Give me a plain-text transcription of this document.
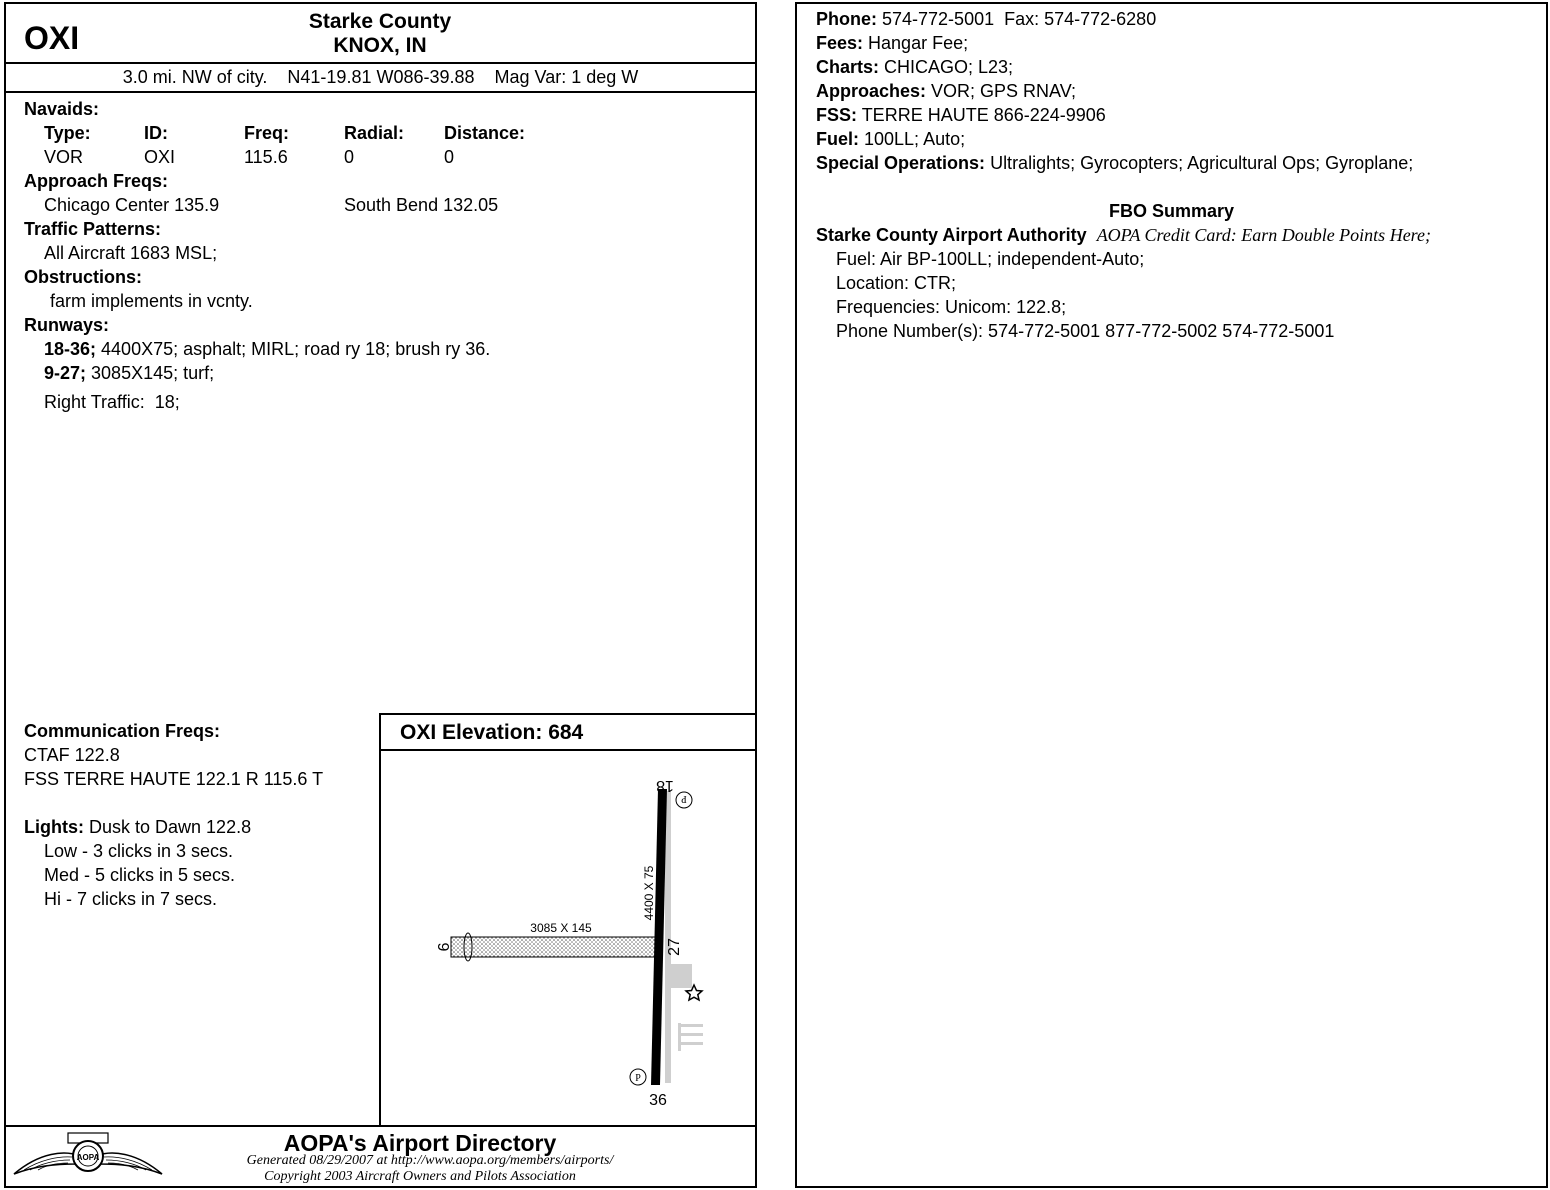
OXI	Starke County
KNOX, IN
3.0 mi. NW of city.    N41-19.81 W086-39.88    Mag Var: 1 deg W
Navaids:
Type:	ID:	Freq:	Radial: Distance:
VOR	OXI	115.6	0	0
Approach Freqs:
Chicago Center 135.9	South Bend 132.05
Traffic Patterns:
All Aircraft 1683 MSL;
Obstructions:
farm implements in vcnty.
Runways:
18-36; 4400X75; asphalt; MIRL; road ry 18; brush ry 36.
9-27; 3085X145; turf;
Right Traffic:  18;
Communication Freqs:
CTAF 122.8
FSS TERRE HAUTE 122.1 R 115.6 T
Lights: Dusk to Dawn 122.8
Low - 3 clicks in 3 secs.
Med - 5 clicks in 5 secs.
Hi - 7 clicks in 7 secs.
OXI Elevation: 684
18
36
9	27
4400 X 75
3085 X 145
P
P
AOPA
AOPA's Airport Directory
Generated 08/29/2007 at http://www.aopa.org/members/airports/
Copyright 2003 Aircraft Owners and Pilots Association
Phone: 574-772-5001  Fax: 574-772-6280
Fees: Hangar Fee;
Charts: CHICAGO; L23;
Approaches: VOR; GPS RNAV;
FSS: TERRE HAUTE 866-224-9906
Fuel: 100LL; Auto;
Special Operations: Ultralights; Gyrocopters; Agricultural Ops; Gyroplane;
FBO Summary
Starke County Airport Authority AOPA Credit Card: Earn Double Points Here;
Fuel: Air BP-100LL; independent-Auto;
Location: CTR;
Frequencies: Unicom: 122.8;
Phone Number(s): 574-772-5001 877-772-5002 574-772-5001
